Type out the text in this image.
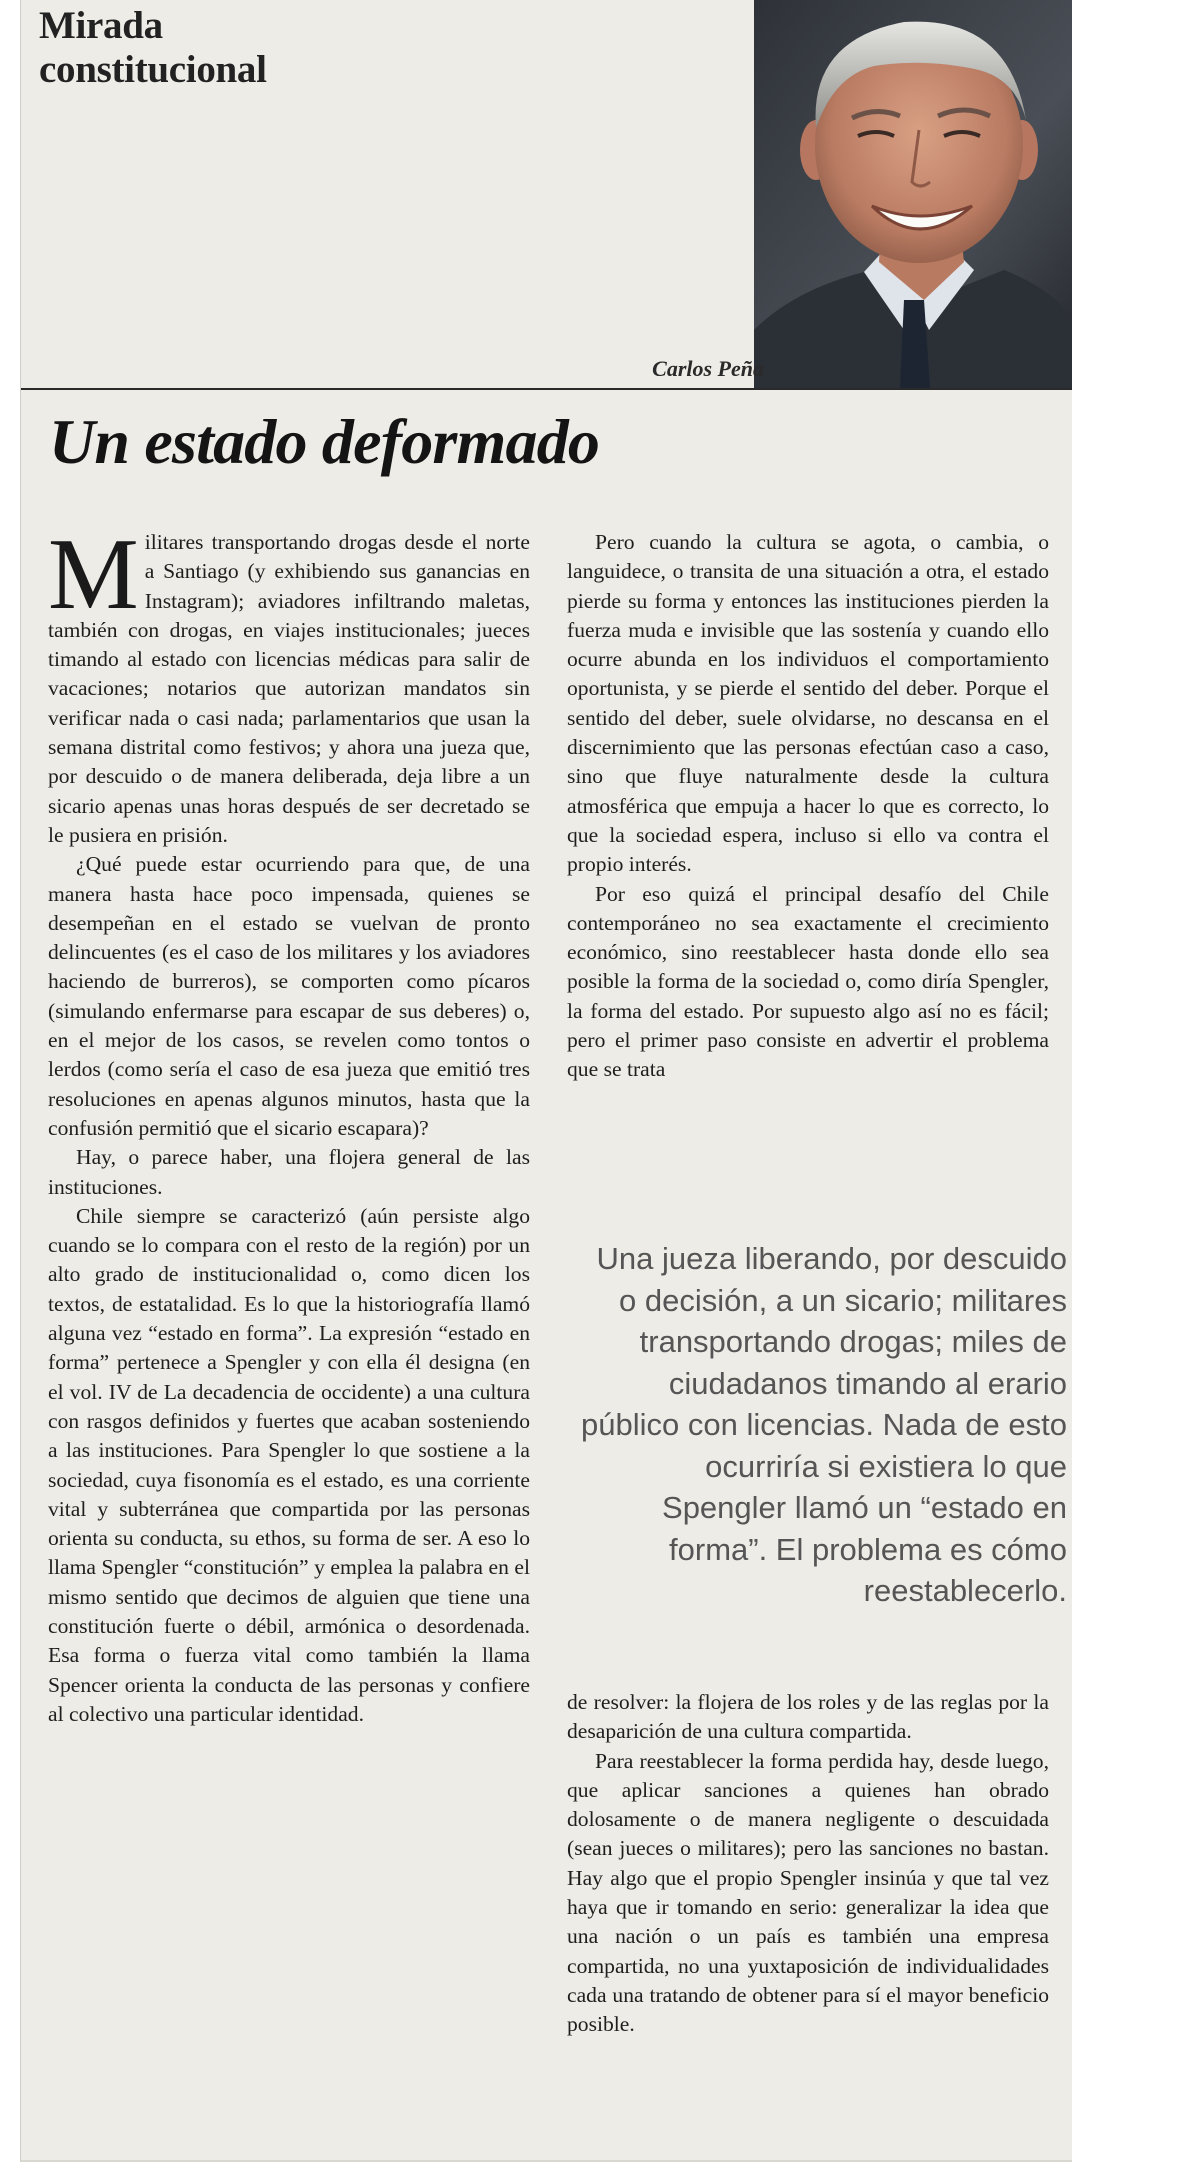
Mirada
constitucional
Carlos Peña
Un estado deformado

Militares transportando drogas desde el norte a Santiago (y exhibiendo sus ganancias en Instagram); aviadores infiltrando maletas, también con drogas, en viajes institucionales; jueces timando al estado con licencias médicas para salir de vacaciones; notarios que autorizan mandatos sin verificar nada o casi nada; parlamentarios que usan la semana distrital como festivos; y ahora una jueza que, por descuido o de manera deliberada, deja libre a un sicario apenas unas horas después de ser decretado se le pusiera en prisión.

¿Qué puede estar ocurriendo para que, de una manera hasta hace poco impensada, quienes se desempeñan en el estado se vuelvan de pronto delincuentes (es el caso de los militares y los aviadores haciendo de burreros), se comporten como pícaros (simulando enfermarse para escapar de sus deberes) o, en el mejor de los casos, se revelen como tontos o lerdos (como sería el caso de esa jueza que emitió tres resoluciones en apenas algunos minutos, hasta que la confusión permitió que el sicario escapara)?

Hay, o parece haber, una flojera general de las instituciones.

Chile siempre se caracterizó (aún persiste algo cuando se lo compara con el resto de la región) por un alto grado de institucionalidad o, como dicen los textos, de estatalidad. Es lo que la historiografía llamó alguna vez “estado en forma”. La expresión “estado en forma” pertenece a Spengler y con ella él designa (en el vol. IV de La decadencia de occidente) a una cultura con rasgos definidos y fuertes que acaban sosteniendo a las instituciones. Para Spengler lo que sostiene a la sociedad, cuya fisonomía es el estado, es una corriente vital y subterránea que compartida por las personas orienta su conducta, su ethos, su forma de ser. A eso lo llama Spengler “constitución” y emplea la palabra en el mismo sentido que decimos de alguien que tiene una constitución fuerte o débil, armónica o desordenada. Esa forma o fuerza vital como también la llama Spencer orienta la conducta de las personas y confiere al colectivo una particular identidad.

Pero cuando la cultura se agota, o cambia, o languidece, o transita de una situación a otra, el estado pierde su forma y entonces las instituciones pierden la fuerza muda e invisible que las sostenía y cuando ello ocurre abunda en los individuos el comportamiento oportunista, y se pierde el sentido del deber. Porque el sentido del deber, suele olvidarse, no descansa en el discernimiento que las personas efectúan caso a caso, sino que fluye naturalmente desde la cultura atmosférica que empuja a hacer lo que es correcto, lo que la sociedad espera, incluso si ello va contra el propio interés.

Por eso quizá el principal desafío del Chile contemporáneo no sea exactamente el crecimiento económico, sino reestablecer hasta donde ello sea posible la forma de la sociedad o, como diría Spengler, la forma del estado. Por supuesto algo así no es fácil; pero el primer paso consiste en advertir el problema que se trata

Una jueza liberando, por descuido o decisión, a un sicario; militares transportando drogas; miles de ciudadanos timando al erario público con licencias. Nada de esto ocurriría si existiera lo que Spengler llamó un “estado en forma”. El problema es cómo reestablecerlo.

de resolver: la flojera de los roles y de las reglas por la desaparición de una cultura compartida.

Para reestablecer la forma perdida hay, desde luego, que aplicar sanciones a quienes han obrado dolosamente o de manera negligente o descuidada (sean jueces o militares); pero las sanciones no bastan. Hay algo que el propio Spengler insinúa y que tal vez haya que ir tomando en serio: generalizar la idea que una nación o un país es también una empresa compartida, no una yuxtaposición de individualidades cada una tratando de obtener para sí el mayor beneficio posible.
